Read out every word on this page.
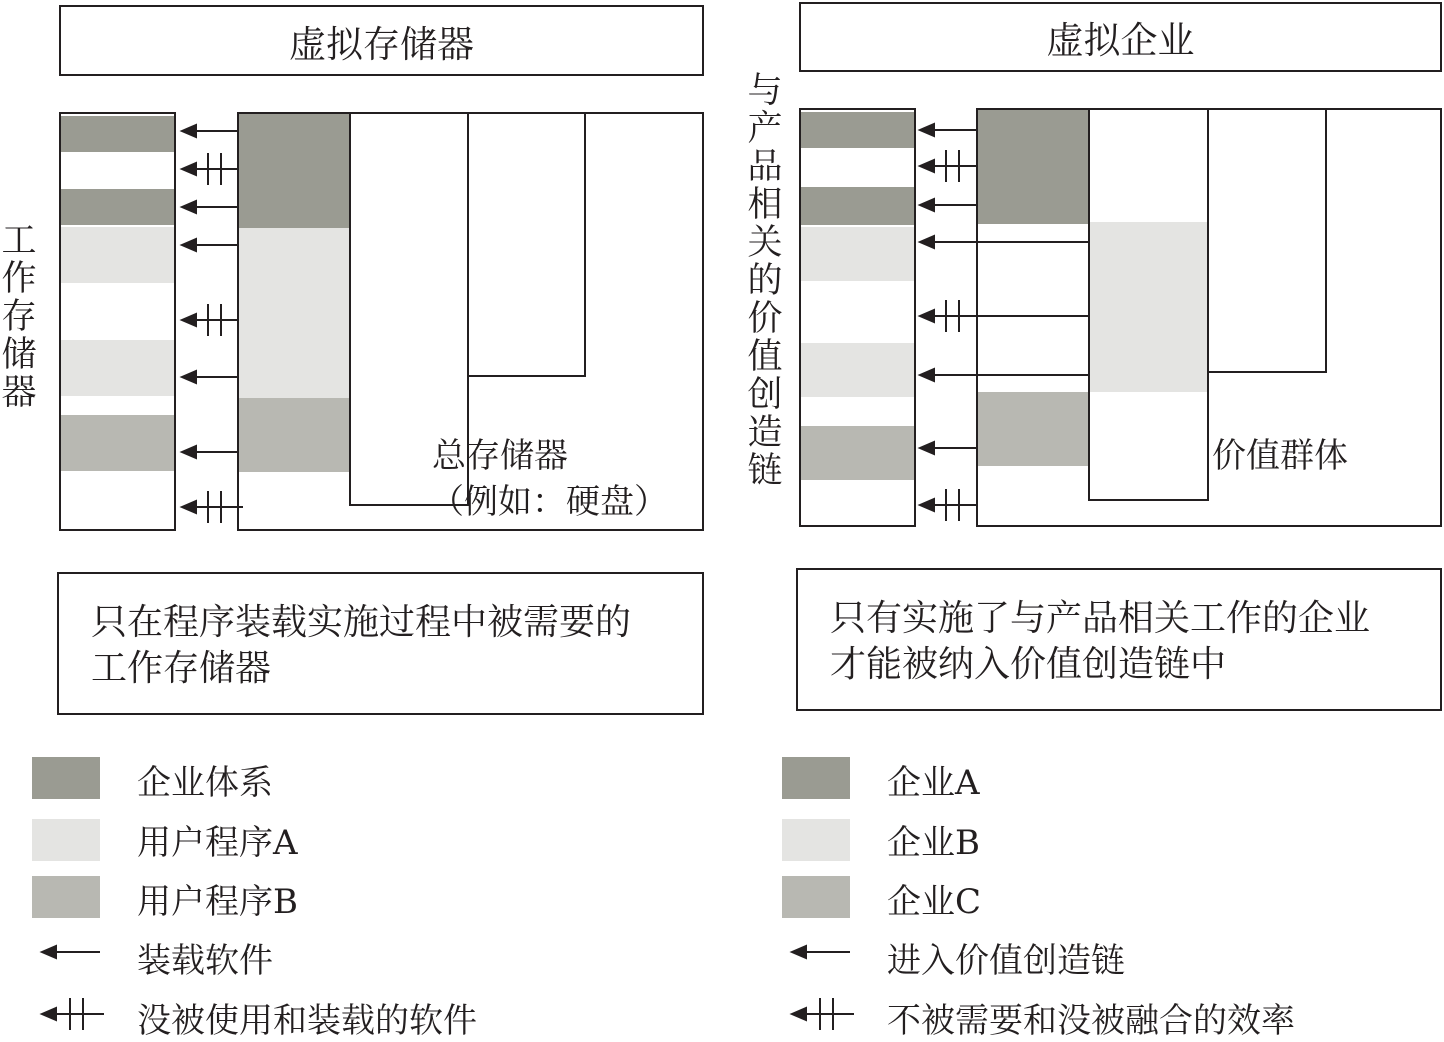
虚拟存储器
工作存储器
总存储器
（例如：硬盘）
只在程序装载实施过程中被需要的
工作存储器
企业体系
用户程序A
用户程序B
装载软件
没被使用和装载的软件
虚拟企业
与产品相关的价值创造链	价值群体
只有实施了与产品相关工作的企业
才能被纳入价值创造链中
企业A
企业B
企业C
进入价值创造链
不被需要和没被融合的效率
